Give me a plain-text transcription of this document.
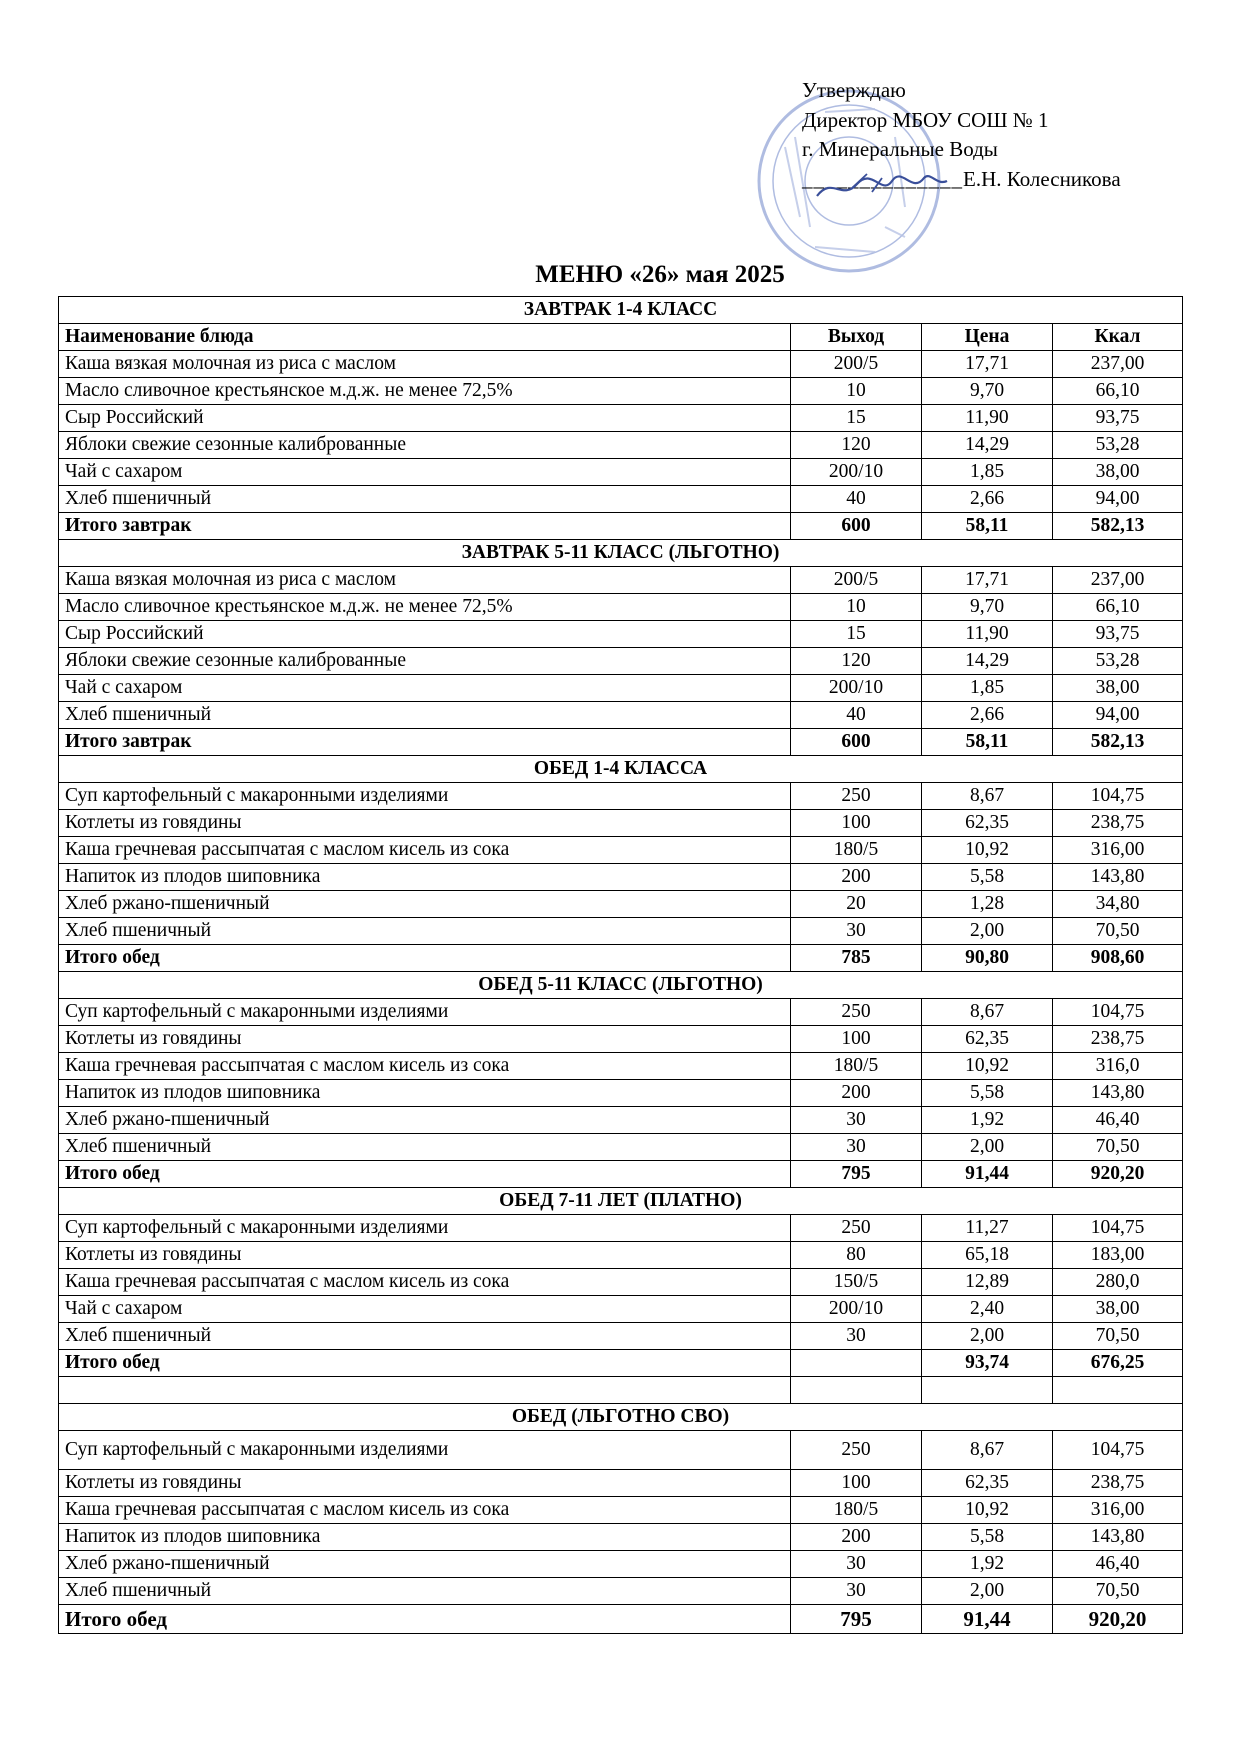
Утверждаю
Директор МБОУ СОШ № 1
г. Минеральные Воды
______________Е.Н. Колесникова
МЕНЮ «26» мая 2025
ЗАВТРАК 1-4 КЛАСС			
Наименование блюда	Выход	Цена	Ккал
Каша вязкая молочная из риса с маслом	200/5	17,71	237,00
Масло сливочное крестьянское м.д.ж. не менее 72,5%	10	9,70	66,10
Сыр Российский	15	11,90	93,75
Яблоки свежие сезонные калиброванные	120	14,29	53,28
Чай с сахаром	200/10	1,85	38,00
Хлеб пшеничный	40	2,66	94,00
Итого завтрак	600	58,11	582,13
ЗАВТРАК 5-11 КЛАСС (ЛЬГОТНО)			
Каша вязкая молочная из риса с маслом	200/5	17,71	237,00
Масло сливочное крестьянское м.д.ж. не менее 72,5%	10	9,70	66,10
Сыр Российский	15	11,90	93,75
Яблоки свежие сезонные калиброванные	120	14,29	53,28
Чай с сахаром	200/10	1,85	38,00
Хлеб пшеничный	40	2,66	94,00
Итого завтрак	600	58,11	582,13
ОБЕД 1-4 КЛАССА			
Суп картофельный с макаронными изделиями	250	8,67	104,75
Котлеты из говядины	100	62,35	238,75
Каша гречневая рассыпчатая с маслом кисель из сока	180/5	10,92	316,00
Напиток из плодов шиповника	200	5,58	143,80
Хлеб ржано-пшеничный	20	1,28	34,80
Хлеб пшеничный	30	2,00	70,50
Итого обед	785	90,80	908,60
ОБЕД 5-11 КЛАСС (ЛЬГОТНО)			
Суп картофельный с макаронными изделиями	250	8,67	104,75
Котлеты из говядины	100	62,35	238,75
Каша гречневая рассыпчатая с маслом кисель из сока	180/5	10,92	316,0
Напиток из плодов шиповника	200	5,58	143,80
Хлеб ржано-пшеничный	30	1,92	46,40
Хлеб пшеничный	30	2,00	70,50
Итого обед	795	91,44	920,20
ОБЕД 7-11 ЛЕТ (ПЛАТНО)			
Суп картофельный с макаронными изделиями	250	11,27	104,75
Котлеты из говядины	80	65,18	183,00
Каша гречневая рассыпчатая с маслом кисель из сока	150/5	12,89	280,0
Чай с сахаром	200/10	2,40	38,00
Хлеб пшеничный	30	2,00	70,50
Итого обед		93,74	676,25

ОБЕД (ЛЬГОТНО СВО)			
Суп картофельный с макаронными изделиями	250	8,67	104,75
Котлеты из говядины	100	62,35	238,75
Каша гречневая рассыпчатая с маслом кисель из сока	180/5	10,92	316,00
Напиток из плодов шиповника	200	5,58	143,80
Хлеб ржано-пшеничный	30	1,92	46,40
Хлеб пшеничный	30	2,00	70,50
Итого обед	795	91,44	920,20
